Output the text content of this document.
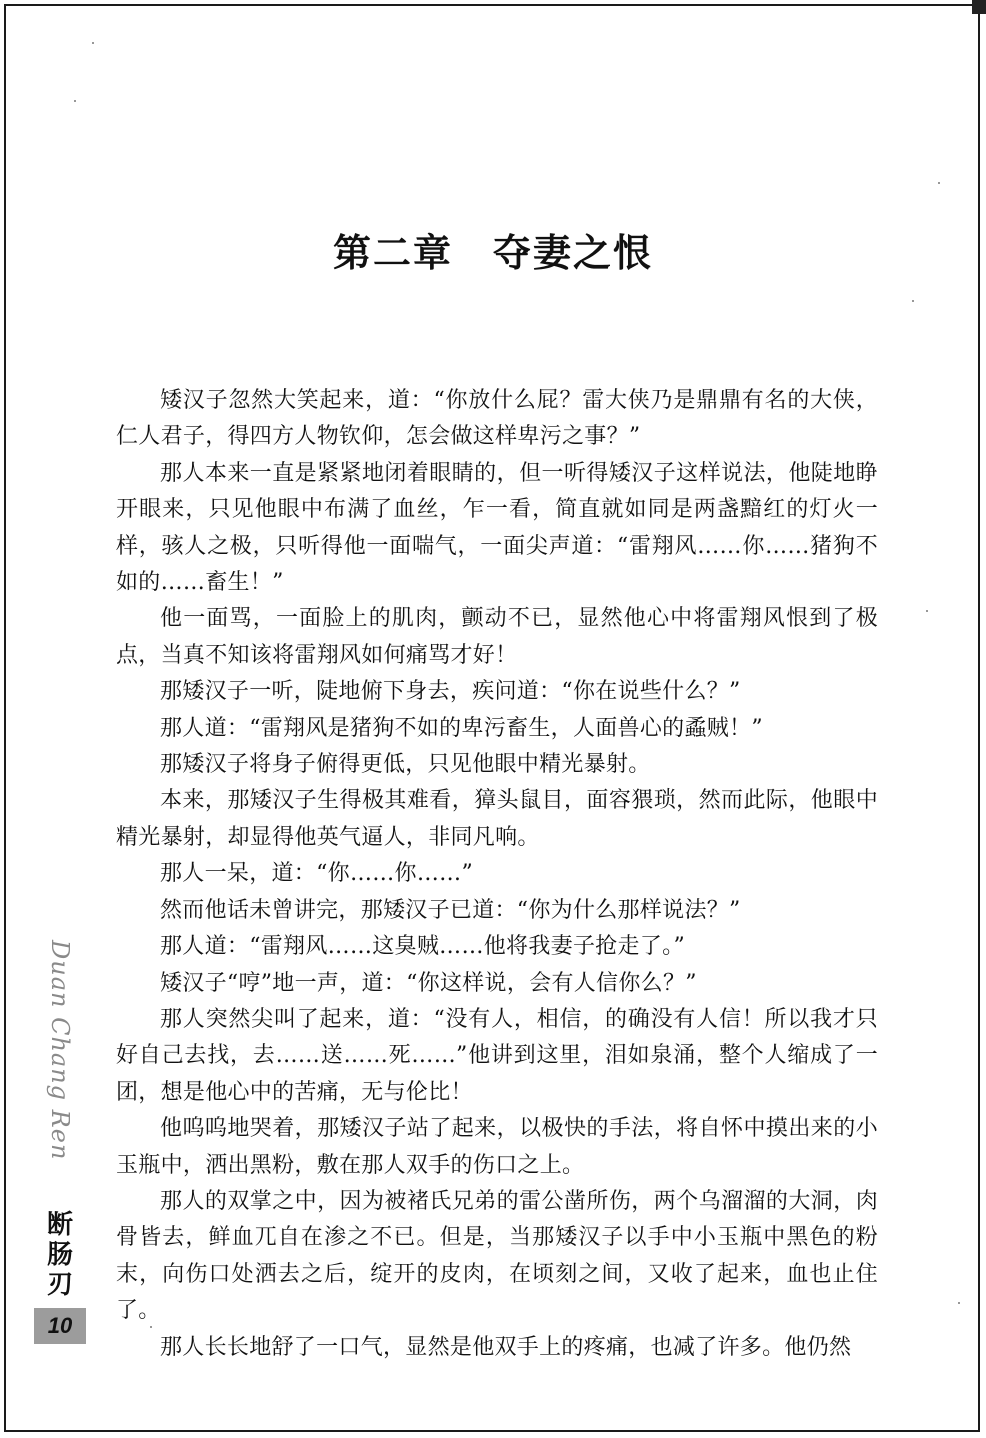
第二章　夺妻之恨

矮汉子忽然大笑起来，道：“你放什么屁？雷大侠乃是鼎鼎有名的大侠，仁人君子，得四方人物钦仰，怎会做这样卑污之事？”

那人本来一直是紧紧地闭着眼睛的，但一听得矮汉子这样说法，他陡地睁开眼来，只见他眼中布满了血丝，乍一看，简直就如同是两盏黯红的灯火一样，骇人之极，只听得他一面喘气，一面尖声道：“雷翔风……你……猪狗不如的……畜生！”

他一面骂，一面脸上的肌肉，颤动不已，显然他心中将雷翔风恨到了极点，当真不知该将雷翔风如何痛骂才好！

那矮汉子一听，陡地俯下身去，疾问道：“你在说些什么？”

那人道：“雷翔风是猪狗不如的卑污畜生，人面兽心的蟊贼！”

那矮汉子将身子俯得更低，只见他眼中精光暴射。

本来，那矮汉子生得极其难看，獐头鼠目，面容猥琐，然而此际，他眼中精光暴射，却显得他英气逼人，非同凡响。

那人一呆，道：“你……你……”

然而他话未曾讲完，那矮汉子已道：“你为什么那样说法？”

那人道：“雷翔风……这臭贼……他将我妻子抢走了。”

矮汉子“哼”地一声，道：“你这样说，会有人信你么？”

那人突然尖叫了起来，道：“没有人，相信，的确没有人信！所以我才只好自己去找，去……送……死……”他讲到这里，泪如泉涌，整个人缩成了一团，想是他心中的苦痛，无与伦比！

他呜呜地哭着，那矮汉子站了起来，以极快的手法，将自怀中摸出来的小玉瓶中，洒出黑粉，敷在那人双手的伤口之上。

那人的双掌之中，因为被褚氏兄弟的雷公凿所伤，两个乌溜溜的大洞，肉骨皆去，鲜血兀自在渗之不已。但是，当那矮汉子以手中小玉瓶中黑色的粉末，向伤口处洒去之后，绽开的皮肉，在顷刻之间，又收了起来，血也止住了。

那人长长地舒了一口气，显然是他双手上的疼痛，也减了许多。他仍然

Duan Chang Ren
断
肠
刃
10
